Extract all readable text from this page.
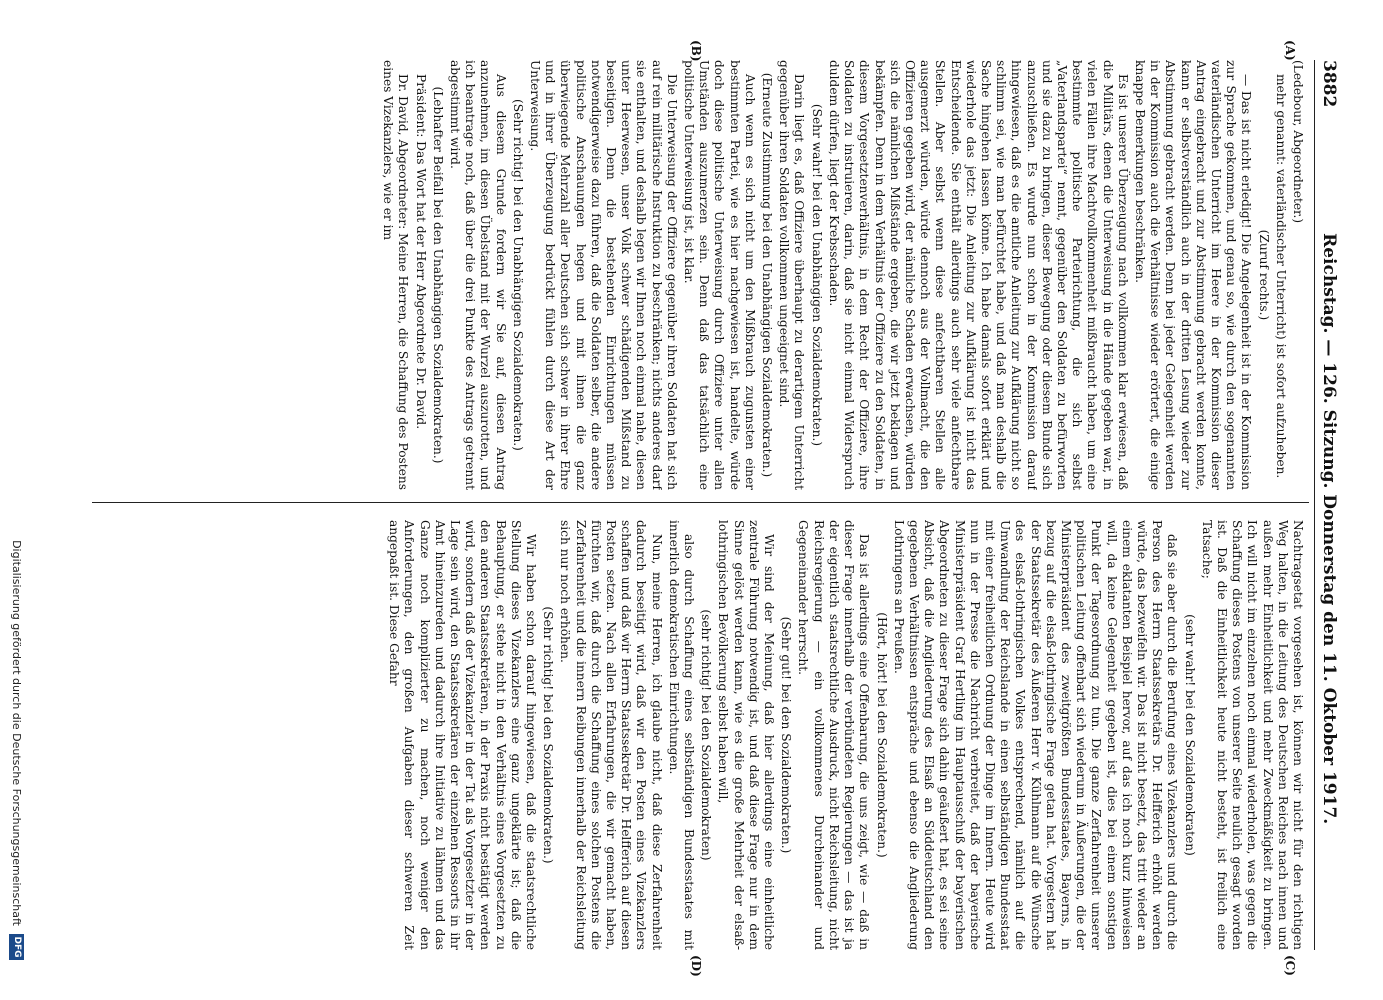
3882
Reichstag. — 126. Sitzung. Donnerstag den 11. Oktober 1917.
(A)
(B)
(C)
(D)

(Ledebour, Abgeordneter.)

mehr genannt: vaterländischer Unterricht) ist sofort aufzuheben.

(Zuruf rechts.)

— Das ist nicht erledigt! Die Angelegenheit ist in der Kommission zur Sprache gekommen, und genau so, wie durch den sogenannten vaterländischen Unterricht im Heere in der Kommission dieser Antrag eingebracht und zur Abstimmung gebracht werden konnte, kann er selbstverständlich auch in der dritten Lesung wieder zur Abstimmung gebracht werden. Denn bei jeder Gelegenheit werden in der Kommission auch die Verhältnisse wieder erörtert, die einige knappe Bemerkungen beschränken.

Es ist unserer Überzeugung nach vollkommen klar erwiesen, daß die Militärs, denen die Unterweisung in die Hände gegeben war, in vielen Fällen ihre Machtvollkommenheit mißbraucht haben, um eine bestimmte politische Parteirichtung, die sich selbst „Vaterlandspartei“ nennt, gegenüber den Soldaten zu befürworten und sie dazu zu bringen, dieser Bewegung oder diesem Bunde sich anzuschließen. Es wurde nun schon in der Kommission darauf hingewiesen, daß es die amtliche Anleitung zur Aufklärung nicht so schlimm sei, wie man befürchtet habe, und daß man deshalb die Sache hingehen lassen könne. Ich habe damals sofort erklärt und wiederhole das jetzt: Die Anleitung zur Aufklärung ist nicht das Entscheidende. Sie enthält allerdings auch sehr viele anfechtbare Stellen. Aber selbst wenn diese anfechtbaren Stellen alle ausgemerzt würden, würde dennoch aus der Vollmacht, die den Offizieren gegeben wird, der nämliche Schaden erwachsen, würden sich die nämlichen Mißstände ergeben, die wir jetzt beklagen und bekämpfen. Denn in dem Verhältnis der Offiziere zu den Soldaten, in diesem Vorgesetztenverhältnis, in dem Recht der Offiziere, ihre Soldaten zu instruieren, darin, daß sie nicht einmal Widerspruch duldem dürfen, liegt der Krebsschaden.

(Sehr wahr! bei den Unabhängigen Sozialdemokraten.)

Darin liegt es, daß Offiziere überhaupt zu derartigem Unterricht gegenüber ihren Soldaten vollkommen ungeeignet sind.

(Erneute Zustimmung bei den Unabhängigen Sozialdemokraten.)

Auch wenn es sich nicht um den Mißbrauch zugunsten einer bestimmten Partei, wie es hier nachgewiesen ist, handelte, würde doch diese politische Unterweisung durch Offiziere unter allen Umständen auszumerzen sein. Denn daß das tatsächlich eine politische Unterweisung ist, ist klar.

Die Unterweisung der Offiziere gegenüber ihren Soldaten hat sich auf rein militärische Instruktion zu beschränken; nichts anderes darf sie enthalten, und deshalb legen wir Ihnen noch einmal nahe, diesen unter Heerwesen, unser Volk schwer schädigenden Mißstand zu beseitigen. Denn die bestehenden Einrichtungen müssen notwendigerweise dazu führen, daß die Soldaten selber, die andere politische Anschauungen hegen und mit ihnen die ganz überwiegende Mehrzahl aller Deutschen sich schwer in ihrer Ehre und in ihrer Überzeugung bedrückt fühlen durch diese Art der Unterweisung.

(Sehr richtig! bei den Unabhängigen Sozialdemokraten.)

Aus diesem Grunde fordern wir Sie auf, diesen Antrag anzunehmen, im diesen Übelstand mit der Wurzel auszurotten, und ich beantrage noch, daß über die drei Punkte des Antrags getrennt abgestimmt wird.

(Lebhafter Beifall bei den Unabhängigen Sozialdemokraten.)

Präsident: Das Wort hat der Herr Abgeordnete Dr. David.

Dr. David, Abgeordneter: Meine Herren, die Schaffung des Postens eines Vizekanzlers, wie er im

Nachtragsetat vorgesehen ist, können wir nicht für den richtigen Weg halten, in die Leitung des Deutschen Reiches nach innen und außen mehr Einheitlichkeit und mehr Zweckmäßigkeit zu bringen. Ich will nicht im einzelnen noch einmal wiederholen, was gegen die Schaffung dieses Postens von unserer Seite neulich gesagt worden ist. Daß die Einheitlichkeit heute nicht besteht, ist freilich eine Tatsache;

(sehr wahr! bei den Sozialdemokraten)

daß sie aber durch die Berufung eines Vizekanzlers und durch die Person des Herrn Staatssekretärs Dr. Helfferich erhöht werden würde, das bezweifeln wir. Das ist nicht besetzt, das tritt wieder an einem eklatanten Beispiel hervor, auf das ich noch kurz hinweisen will, da keine Gelegenheit gegeben ist, dies bei einem sonstigen Punkt der Tagesordnung zu tun. Die ganze Zerfahrenheit unserer politischen Leitung offenbart sich wiederum in Äußerungen, die der Ministerpräsident des zweitgrößten Bundesstaates, Bayerns, in bezug auf die elsaß-lothringische Frage getan hat. Vorgestern hat der Staatssekretär des Äußeren Herr v. Kühlmann auf die Wünsche des elsaß-lothringischen Volkes entsprechend, nämlich auf die Umwandlung der Reichslande in einen selbständigen Bundesstaat mit einer freiheitlichen Ordnung der Dinge im Innern. Heute wird nun in der Presse die Nachricht verbreitet, daß der bayerische Ministerpräsident Graf Hertling im Hauptausschuß der bayerischen Abgeordneten zu dieser Frage sich dahin geäußert hat, es sei seine Absicht, daß die Angliederung des Elsaß an Süddeutschland den gegebenen Verhältnissen entspräche und ebenso die Angliederung Lothringens an Preußen.

(Hört, hört! bei den Sozialdemokraten.)

Das ist allerdings eine Offenbarung, die uns zeigt, wie — daß in dieser Frage innerhalb der verbündeten Regierungen — das ist ja der eigentlich staatsrechtliche Ausdruck, nicht Reichsleitung, nicht Reichsregierung — ein vollkommenes Durcheinander und Gegeneinander herrscht.

(Sehr gut! bei den Sozialdemokraten.)

Wir sind der Meinung, daß hier allerdings eine einheitliche zentrale Führung notwendig ist, und daß diese Frage nur in dem Sinne gelöst werden kann, wie es die große Mehrheit der elsaß-lothringischen Bevölkerung selbst haben will,

(sehr richtig! bei den Sozialdemokraten)

also durch Schaffung eines selbständigen Bundesstaates mit innerlich demokratischen Einrichtungen.

Nun, meine Herren, ich glaube nicht, daß diese Zerfahrenheit dadurch beseitigt wird, daß wir den Posten eines Vizekanzlers schaffen und daß wir Herrn Staatssekretär Dr. Helfferich auf diesen Posten setzen. Nach allen Erfahrungen, die wir gemacht haben, fürchten wir, daß durch die Schaffung eines solchen Postens die Zerfahrenheit und die innern Reibungen innerhalb der Reichsleitung sich nur noch erhöhen.

(Sehr richtig! bei den Sozialdemokraten.)

Wir haben schon darauf hingewiesen, daß die staatsrechtliche Stellung dieses Vizekanzlers eine ganz ungeklärte ist; daß die Behauptung, er stehe nicht in den Verhältnis eines Vorgesetzten zu den anderen Staatssekretären, in der Praxis nicht bestätigt werden wird, sondern daß der Vizekanzler in der Tat als Vorgesetzter in der Lage sein wird, den Staatssekretären der einzelnen Ressorts in ihr Amt hineinzureden und dadurch ihre Initiative zu lähmen und das Ganze noch komplizierter zu machen, noch weniger den Anforderungen, den großen Aufgaben dieser schweren Zeit angepaßt ist. Diese Gefahr

Digitalisierung gefördert durch die Deutsche Forschungsgemeinschaft
DFG
